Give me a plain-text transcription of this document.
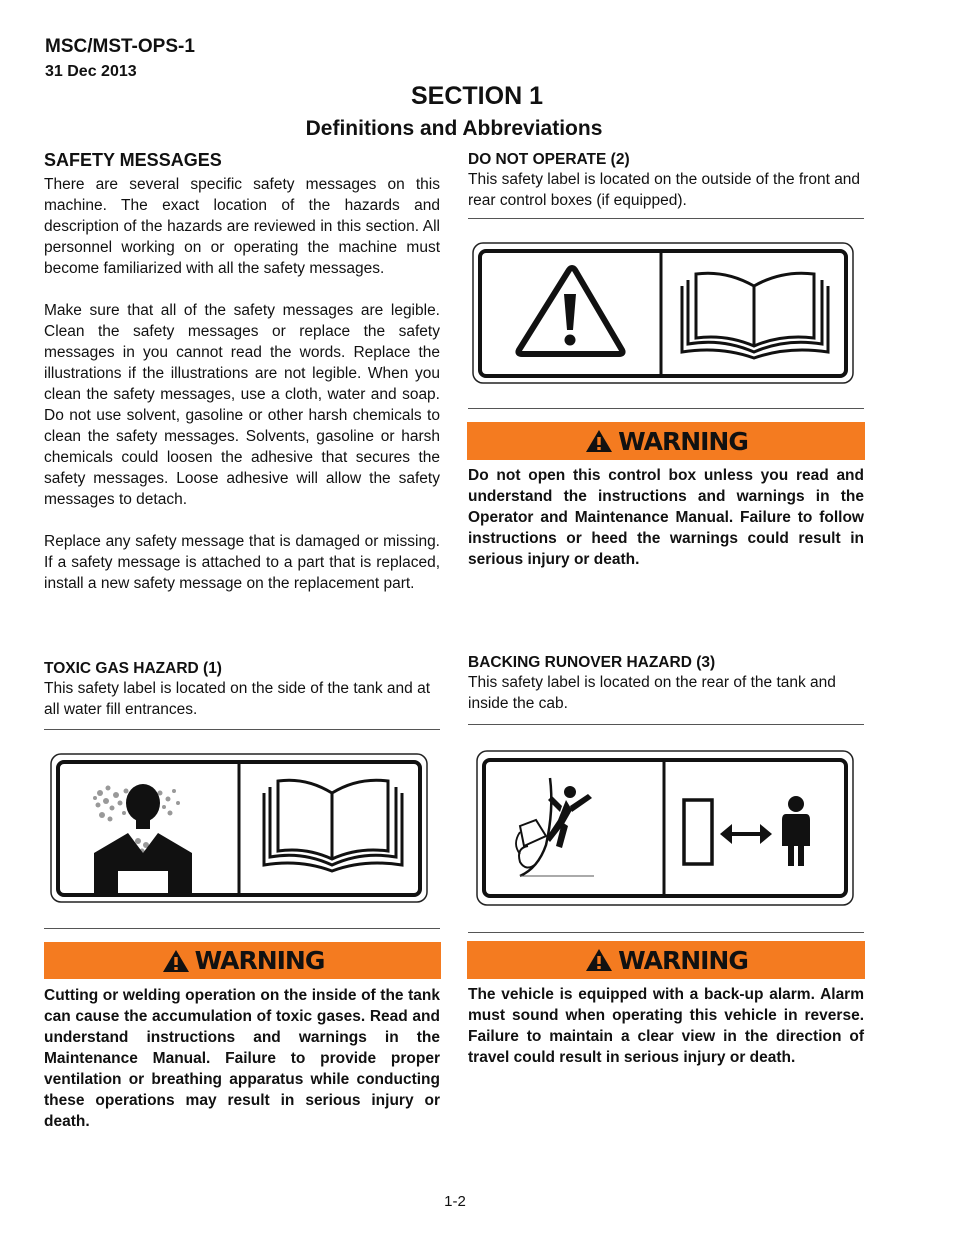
MSC/MST-OPS-1
31 Dec 2013
SECTION 1
Definitions and Abbreviations
SAFETY MESSAGES

There are several specific safety messages on this machine. The exact location of the hazards and description of the hazards are reviewed in this section. All personnel working on or operating the machine must become familiarized with all the safety messages.

Make sure that all of the safety messages are legible. Clean the safety messages or replace the safety messages in you cannot read the words. Replace the illustrations if the illustrations are not legible. When you clean the safety messages, use a cloth, water and soap. Do not use solvent, gasoline or other harsh chemicals to clean the safety messages. Solvents, gasoline or harsh chemicals could loosen the adhesive that secures the safety messages. Loose adhesive will allow the safety messages to detach.

Replace any safety message that is damaged or missing. If a safety message is attached to a part that is replaced, install a new safety message on the replacement part.

TOXIC GAS HAZARD (1)

This safety label is located on the side of the tank and at all water fill entrances.

WARNING

Cutting or welding operation on the inside of the tank can cause the accumulation of toxic gases. Read and understand instructions and warnings in the Maintenance Manual. Failure to provide proper ventilation or breathing apparatus while conducting these operations may result in serious injury or death.

DO NOT OPERATE (2)

This safety label is located on the outside of the front and rear control boxes (if equipped).

WARNING

Do not open this control box unless you read and understand the instructions and warnings in the Operator and Maintenance Manual. Failure to follow instructions or heed the warnings could result in serious injury or death.

BACKING RUNOVER HAZARD (3)

This safety label is located on the rear of the tank and inside the cab.

WARNING

The vehicle is equipped with a back-up alarm. Alarm must sound when operating this vehicle in reverse. Failure to maintain a clear view in the direction of travel could result in serious injury or death.

1-2
